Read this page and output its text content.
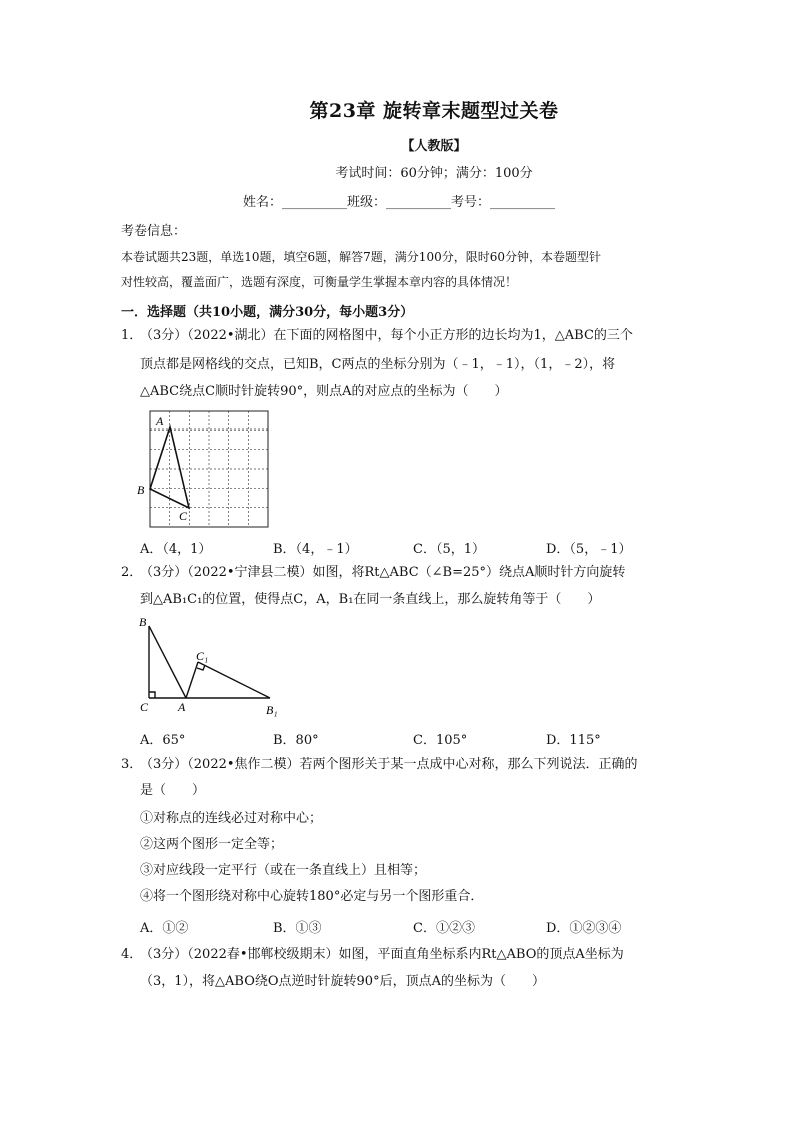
第23章 旋转章末题型过关卷
【人教版】
考试时间：60分钟；满分：100分
姓名：__________班级：__________考号：__________
考卷信息：
本卷试题共23题，单选10题，填空6题，解答7题，满分100分，限时60分钟，本卷题型针
对性较高，覆盖面广，选题有深度，可衡量学生掌握本章内容的具体情况！
一．选择题（共10小题，满分30分，每小题3分）
1．
（3分）（2022•湖北）在下面的网格图中，每个小正方形的边长均为1，△ABC的三个
顶点都是网格线的交点，已知B，C两点的坐标分别为（﹣1，﹣1），（1，﹣2），将
△ABC绕点C顺时针旋转90°，则点A的对应点的坐标为（　　）
A
B
C
A．（4，1）	B．（4，﹣1）	C．（5，1）	D．（5，﹣1）
2．
（3分）（2022•宁津县二模）如图，将Rt△ABC（∠B=25°）绕点A顺时针方向旋转
到△AB₁C₁的位置，使得点C，A，B₁在同一条直线上，那么旋转角等于（　　）
B
C₁
C A	B₁
A．65°	B．80°	C．105°	D．115°
3．
（3分）（2022•焦作二模）若两个图形关于某一点成中心对称，那么下列说法．正确的
是（　　）
①对称点的连线必过对称中心；
②这两个图形一定全等；
③对应线段一定平行（或在一条直线上）且相等；
④将一个图形绕对称中心旋转180°必定与另一个图形重合．
A．①②	B．①③	C．①②③	D．①②③④
4．
（3分）（2022春•邯郸校级期末）如图，平面直角坐标系内Rt△ABO的顶点A坐标为
（3，1），将△ABO绕O点逆时针旋转90°后，顶点A的坐标为（　　）
